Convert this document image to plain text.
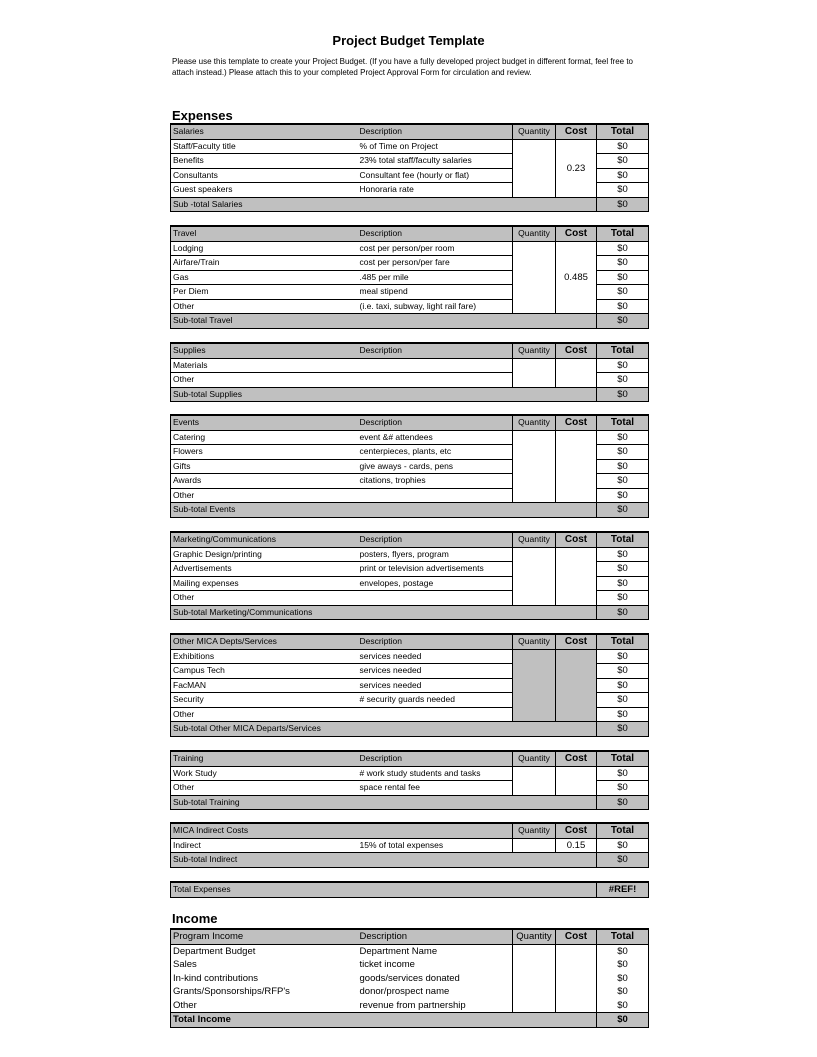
Project Budget Template
Please use this template to create your Project Budget. (If you have a fully developed project budget in different format, feel free to attach instead.) Please attach this to your completed Project Approval Form for circulation and review.
Expenses
Salaries	Description	Quantity	Cost	Total
Staff/Faculty title	% of Time on Project		0.23	$0
Benefits	23% total staff/faculty salaries			$0
Consultants	Consultant fee (hourly or flat)			$0
Guest speakers	Honoraria rate			$0
Sub -total Salaries				$0
Travel	Description	Quantity	Cost	Total
Lodging	cost per person/per room		0.485	$0
Airfare/Train	cost per person/per fare			$0
Gas	.485 per mile			$0
Per Diem	meal stipend			$0
Other	(i.e. taxi, subway, light rail fare)			$0
Sub-total Travel				$0
Supplies	Description	Quantity	Cost	Total
Materials				$0
Other				$0
Sub-total Supplies				$0
Events	Description	Quantity	Cost	Total
Catering	event &# attendees			$0
Flowers	centerpieces, plants, etc			$0
Gifts	give aways - cards, pens			$0
Awards	citations, trophies			$0
Other				$0
Sub-total Events				$0
Marketing/Communications	Description	Quantity	Cost	Total
Graphic Design/printing	posters, flyers, program			$0
Advertisements	print or television advertisements			$0
Mailing expenses	envelopes, postage			$0
Other				$0
Sub-total Marketing/Communications				$0
Other MICA Depts/Services	Description	Quantity	Cost	Total
Exhibitions	services needed			$0
Campus Tech	services needed			$0
FacMAN	services needed			$0
Security	# security guards needed			$0
Other				$0
Sub-total Other MICA Departs/Services				$0
Training	Description	Quantity	Cost	Total
Work Study	# work study students and tasks			$0
Other	space rental fee			$0
Sub-total Training				$0
MICA Indirect Costs		Quantity	Cost	Total
Indirect	15% of total expenses		0.15	$0
Sub-total Indirect				$0
Total Expenses	#REF!
Income
Program Income	Description	Quantity	Cost	Total
Department Budget	Department Name			$0
Sales	ticket income			$0
In-kind contributions	goods/services donated			$0
Grants/Sponsorships/RFP's	donor/prospect name			$0
Other	revenue from partnership			$0
Total Income				$0
